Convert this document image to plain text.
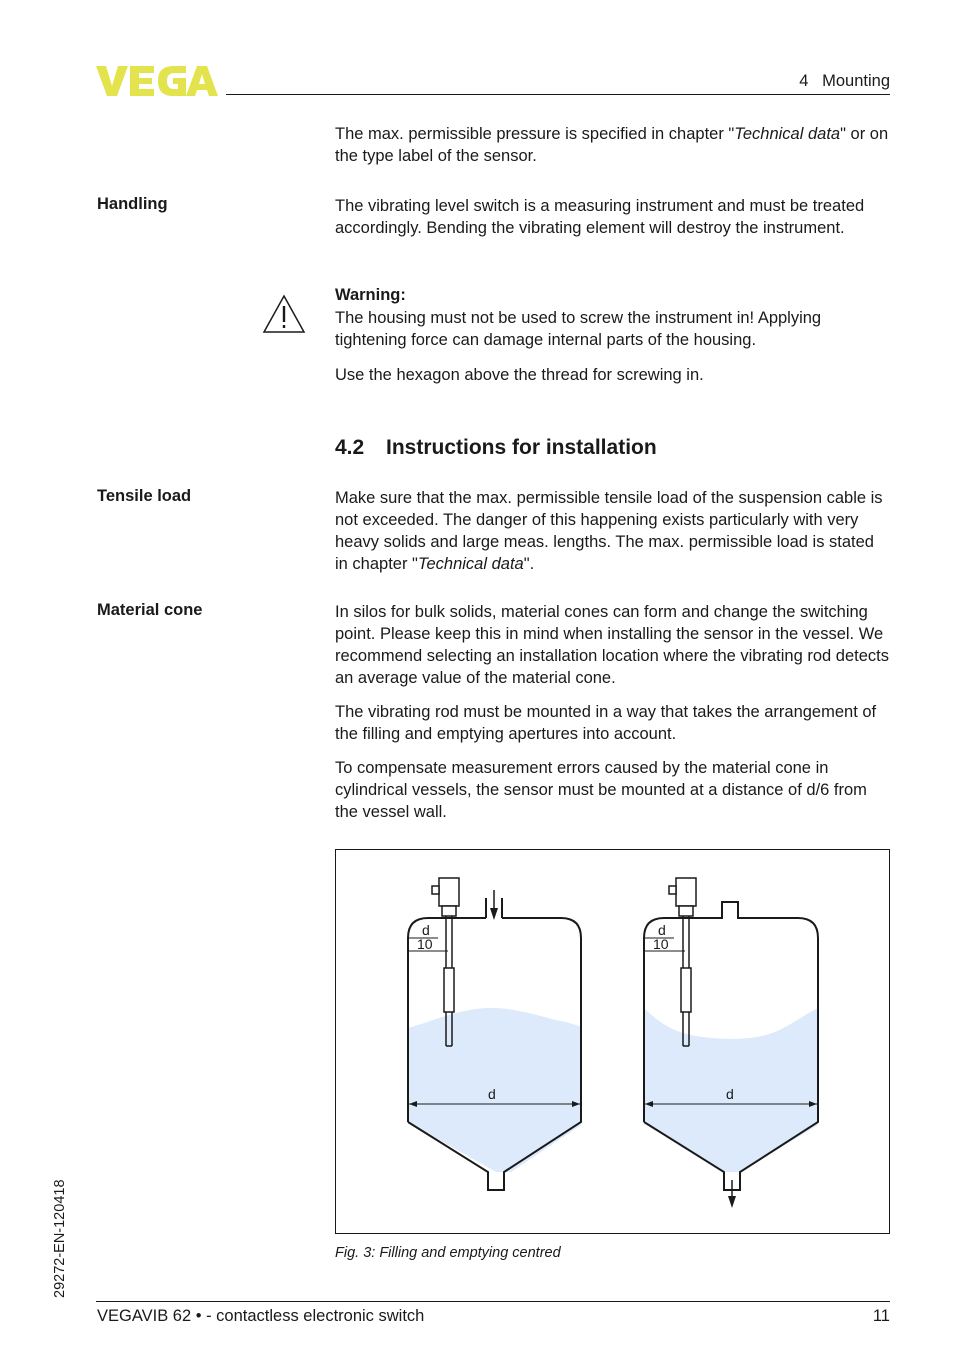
4   Mounting

The max. permissible pressure is specified in chapter "Technical data" or on the type label of the sensor.

Handling	The vibrating level switch is a measuring instrument and must be treated accordingly. Bending the vibrating element will destroy the instrument.

Warning:

The housing must not be used to screw the instrument in! Applying tightening force can damage internal parts of the housing.

Use the hexagon above the thread for screwing in.

4.2 Instructions for installation
Tensile load	Make sure that the max. permissible tensile load of the suspension cable is not exceeded. The danger of this happening exists particularly with very heavy solids and large meas. lengths. The max. permissible load is stated in chapter "Technical data".

Material cone	In silos for bulk solids, material cones can form and change the switching point. Please keep this in mind when installing the sensor in the vessel. We recommend selecting an installation location where the vibrating rod detects an average value of the material cone.

The vibrating rod must be mounted in a way that takes the arrangement of the filling and emptying apertures into account.

To compensate measurement errors caused by the material cone in cylindrical vessels, the sensor must be mounted at a distance of d/6 from the vessel wall.

d
10
d
d
10
d
Fig. 3: Filling and emptying centred
29272-EN-120418
VEGAVIB 62 • - contactless electronic switch	11
